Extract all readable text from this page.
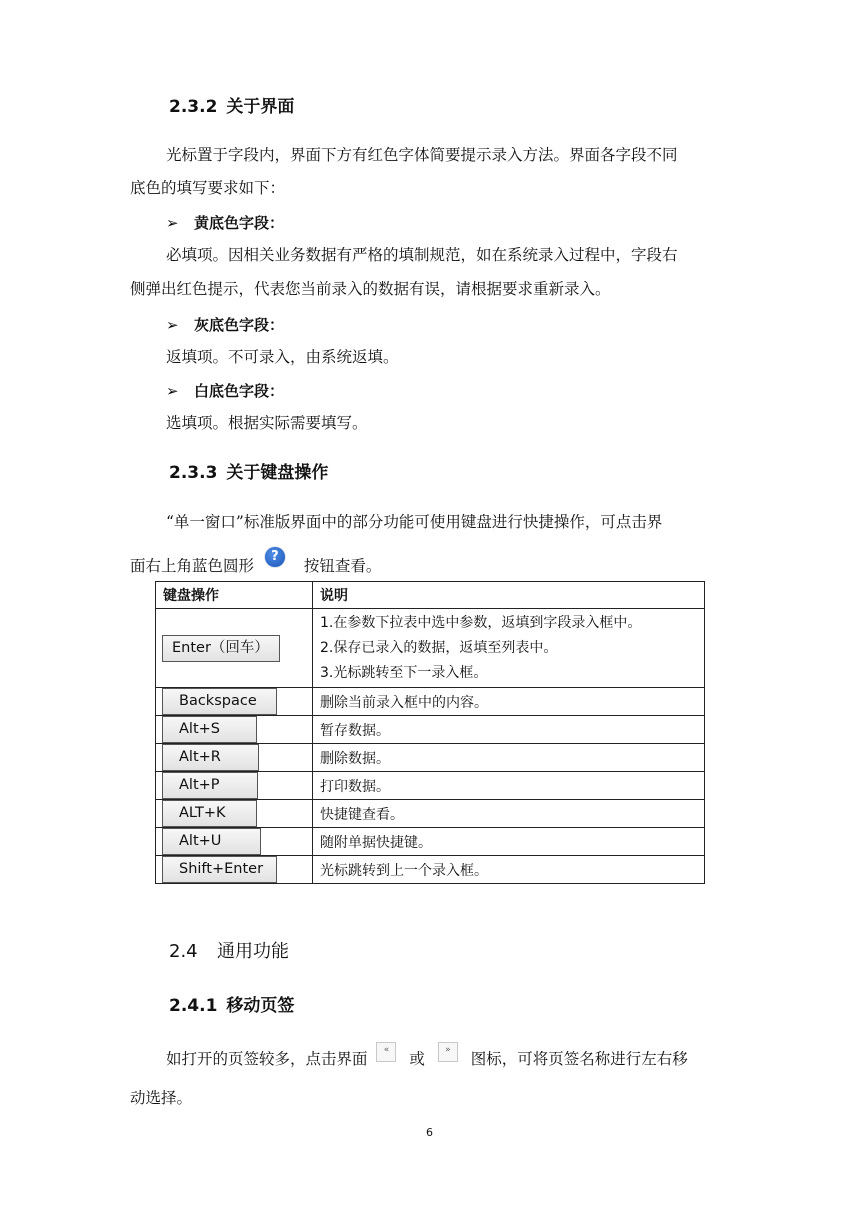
2.3.2 关于界面
光标置于字段内，界面下方有红色字体简要提示录入方法。界面各字段不同
底色的填写要求如下：
➢ 黄底色字段：
必填项。因相关业务数据有严格的填制规范，如在系统录入过程中，字段右
侧弹出红色提示，代表您当前录入的数据有误，请根据要求重新录入。
➢ 灰底色字段：
返填项。不可录入，由系统返填。
➢ 白底色字段：
选填项。根据实际需要填写。
2.3.3 关于键盘操作
“单一窗口”标准版界面中的部分功能可使用键盘进行快捷操作，可点击界
面右上角蓝色圆形 ? 按钮查看。
键盘操作	说明
Enter（回车）	1.在参数下拉表中选中参数，返填到字段录入框中。
2.保存已录入的数据，返填至列表中。
3.光标跳转至下一录入框。

Backspace	删除当前录入框中的内容。
Alt+S	暂存数据。
Alt+R	删除数据。
Alt+P	打印数据。
ALT+K	快捷键查看。
Alt+U	随附单据快捷键。
Shift+Enter	光标跳转到上一个录入框。
2.4 通用功能
2.4.1 移动页签
如打开的页签较多，点击界面 « 或 » 图标，可将页签名称进行左右移
动选择。
6
